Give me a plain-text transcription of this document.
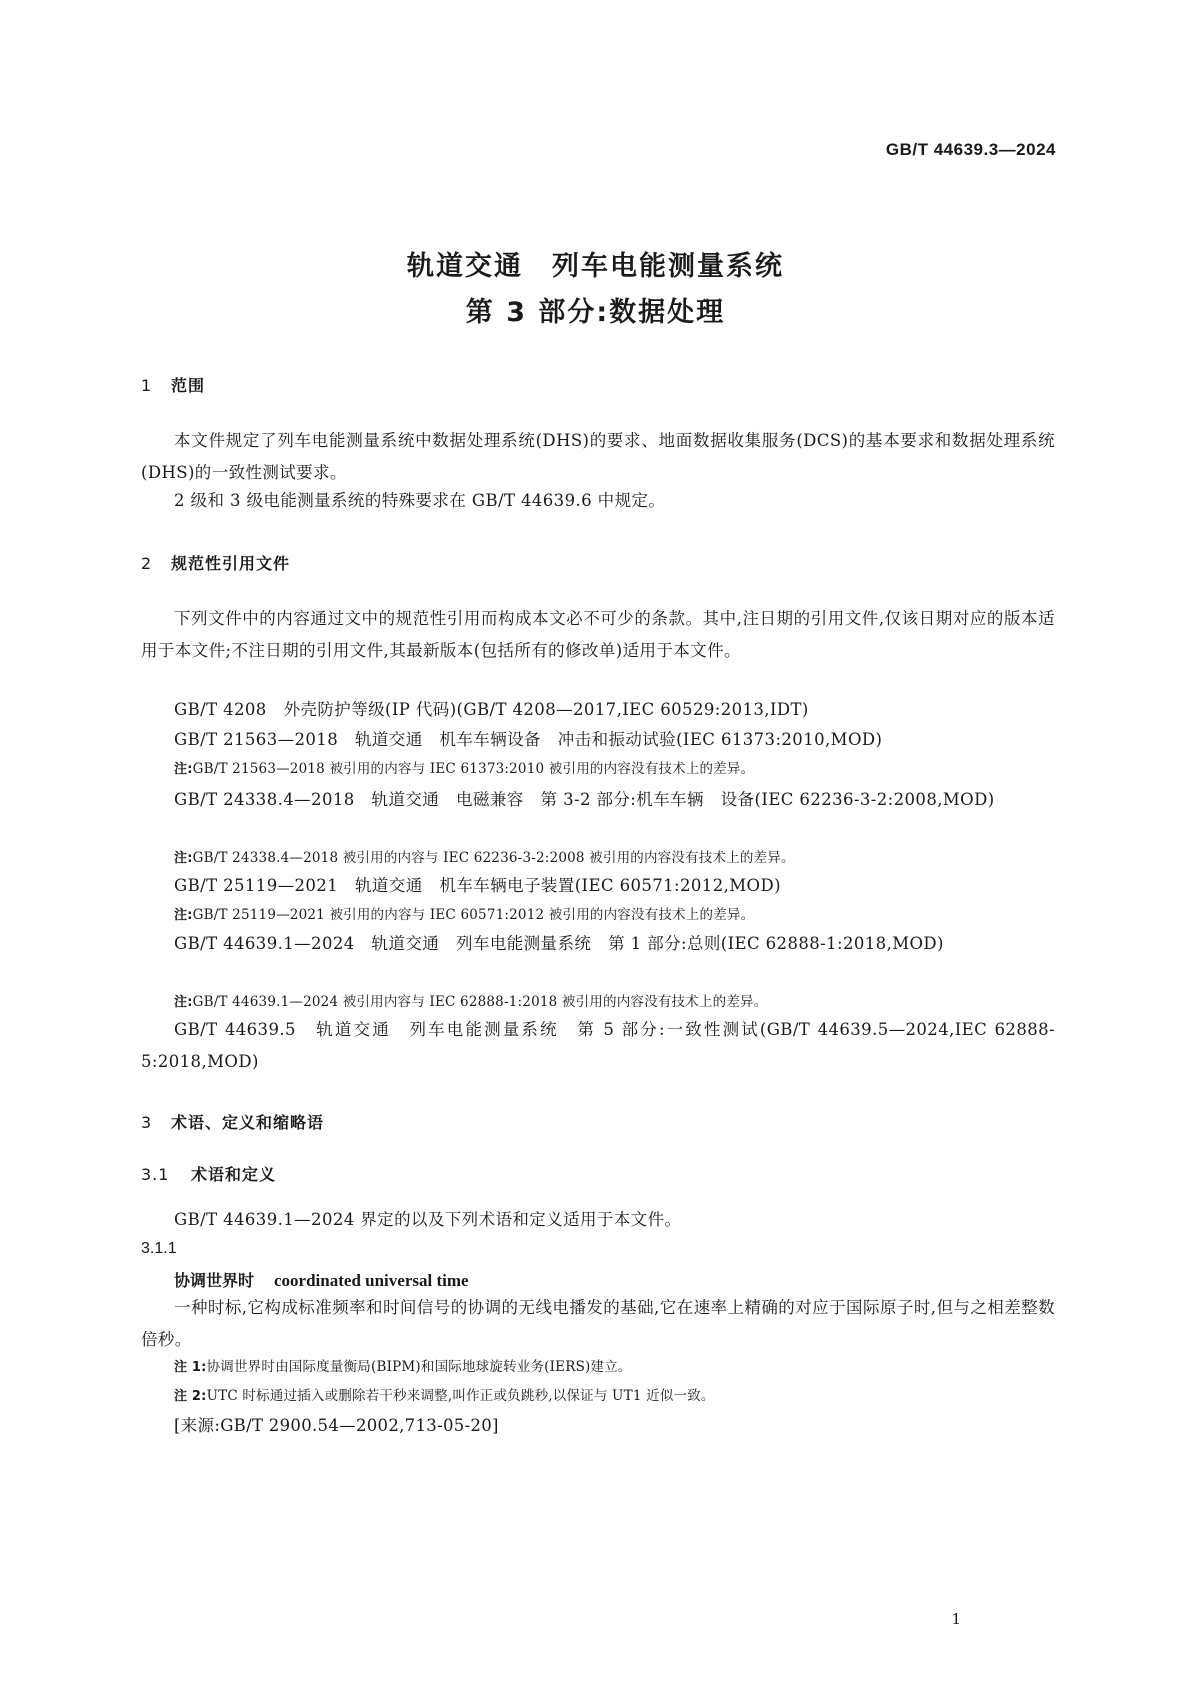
GB/T 44639.3—2024
轨道交通　列车电能测量系统
第 3 部分:数据处理
1 范围
本文件规定了列车电能测量系统中数据处理系统(DHS)的要求、地面数据收集服务(DCS)的基本要求和数据处理系统(DHS)的一致性测试要求。
2 级和 3 级电能测量系统的特殊要求在 GB/T 44639.6 中规定。
2 规范性引用文件
下列文件中的内容通过文中的规范性引用而构成本文必不可少的条款。其中,注日期的引用文件,仅该日期对应的版本适用于本文件;不注日期的引用文件,其最新版本(包括所有的修改单)适用于本文件。
GB/T 4208　外壳防护等级(IP 代码)(GB/T 4208—2017,IEC 60529:2013,IDT)
GB/T 21563—2018　轨道交通　机车车辆设备　冲击和振动试验(IEC 61373:2010,MOD)
注:GB/T 21563—2018 被引用的内容与 IEC 61373:2010 被引用的内容没有技术上的差异。
GB/T 24338.4—2018　轨道交通　电磁兼容　第 3-2 部分:机车车辆　设备(IEC 62236-3-2:2008,MOD)
注:GB/T 24338.4—2018 被引用的内容与 IEC 62236-3-2:2008 被引用的内容没有技术上的差异。
GB/T 25119—2021　轨道交通　机车车辆电子装置(IEC 60571:2012,MOD)
注:GB/T 25119—2021 被引用的内容与 IEC 60571:2012 被引用的内容没有技术上的差异。
GB/T 44639.1—2024　轨道交通　列车电能测量系统　第 1 部分:总则(IEC 62888-1:2018,MOD)
注:GB/T 44639.1—2024 被引用内容与 IEC 62888-1:2018 被引用的内容没有技术上的差异。
GB/T 44639.5　轨道交通　列车电能测量系统　第 5 部分:一致性测试(GB/T 44639.5—2024,IEC 62888-5:2018,MOD)
3 术语、定义和缩略语
3.1 术语和定义
GB/T 44639.1—2024 界定的以及下列术语和定义适用于本文件。
3.1.1
协调世界时 coordinated universal time
一种时标,它构成标准频率和时间信号的协调的无线电播发的基础,它在速率上精确的对应于国际原子时,但与之相差整数倍秒。
注 1:协调世界时由国际度量衡局(BIPM)和国际地球旋转业务(IERS)建立。
注 2:UTC 时标通过插入或删除若干秒来调整,叫作正或负跳秒,以保证与 UT1 近似一致。
[来源:GB/T 2900.54—2002,713-05-20]
1
